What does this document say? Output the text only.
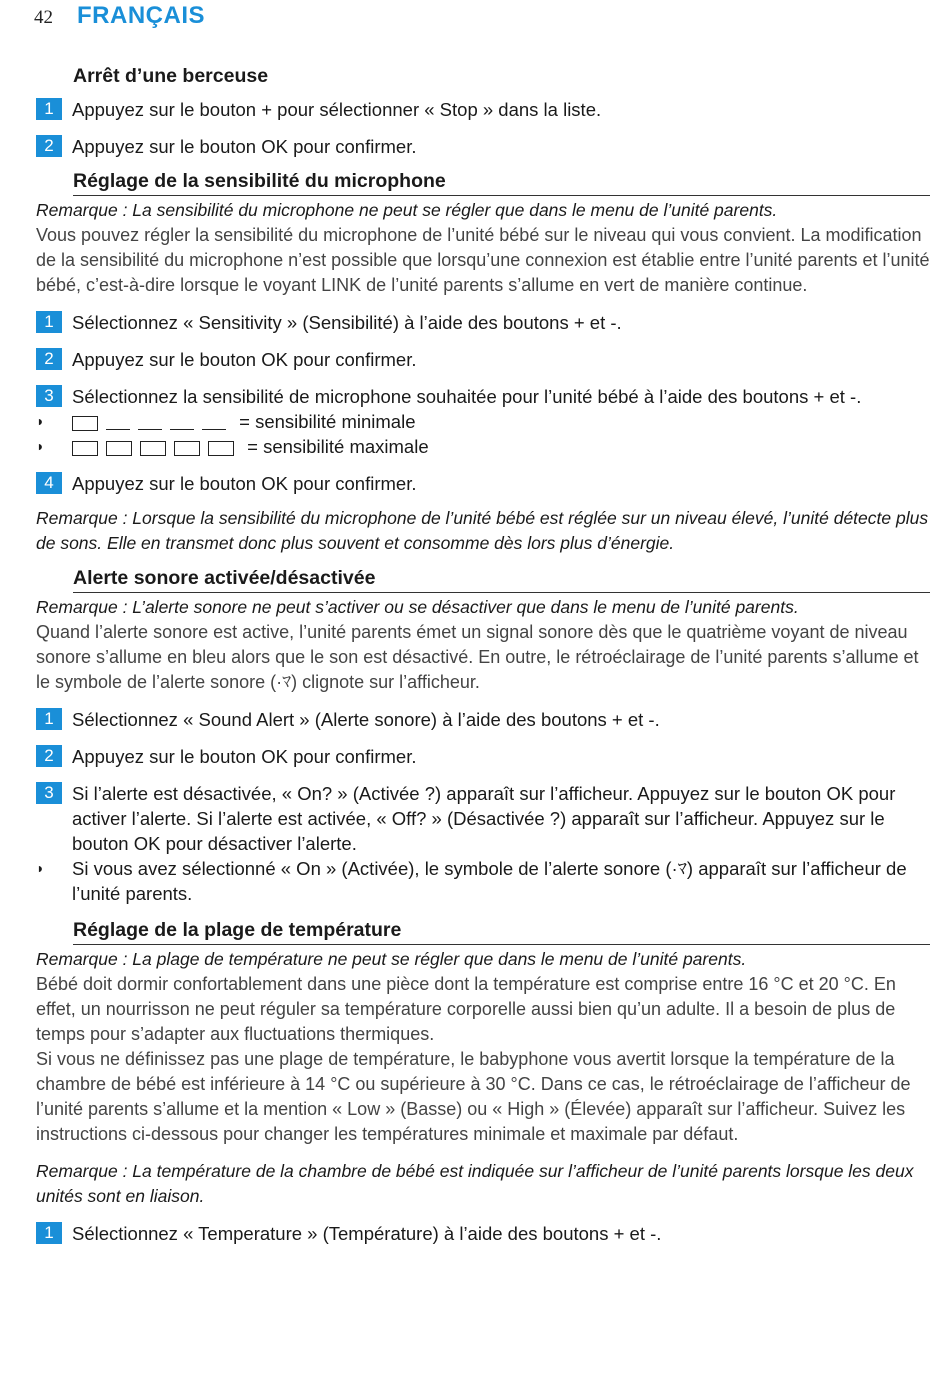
42 FRANÇAIS
Arrêt d’une berceuse
1 Appuyez sur le bouton + pour sélectionner « Stop » dans la liste.
2 Appuyez sur le bouton OK pour confirmer.
Réglage de la sensibilité du microphone

Remarque : La sensibilité du microphone ne peut se régler que dans le menu de l’unité parents.

Vous pouvez régler la sensibilité du microphone de l’unité bébé sur le niveau qui vous convient. La modification de la sensibilité du microphone n’est possible que lorsqu’une connexion est établie entre l’unité parents et l’unité bébé, c’est-à-dire lorsque le voyant LINK de l’unité parents s’allume en vert de manière continue.

1 Sélectionnez « Sensitivity » (Sensibilité) à l’aide des boutons + et -.
2 Appuyez sur le bouton OK pour confirmer.
3 Sélectionnez la sensibilité de microphone souhaitée pour l’unité bébé à l’aide des boutons + et -.
◗	= sensibilité minimale
◗	= sensibilité maximale
4 Appuyez sur le bouton OK pour confirmer.

Remarque : Lorsque la sensibilité du microphone de l’unité bébé est réglée sur un niveau élevé, l’unité détecte plus de sons. Elle en transmet donc plus souvent et consomme dès lors plus d’énergie.

Alerte sonore activée/désactivée

Remarque : L’alerte sonore ne peut s’activer ou se désactiver que dans le menu de l’unité parents.

Quand l’alerte sonore est active, l’unité parents émet un signal sonore dès que le quatrième voyant de niveau sonore s’allume en bleu alors que le son est désactivé. En outre, le rétroéclairage de l’unité parents s’allume et le symbole de l’alerte sonore (·ﾏ) clignote sur l’afficheur.

1 Sélectionnez « Sound Alert » (Alerte sonore) à l’aide des boutons + et -.
2 Appuyez sur le bouton OK pour confirmer.
3 Si l’alerte est désactivée, « On? » (Activée ?) apparaît sur l’afficheur. Appuyez sur le bouton OK pour activer l’alerte. Si l’alerte est activée, « Off? » (Désactivée ?) apparaît sur l’afficheur. Appuyez sur le bouton OK pour désactiver l’alerte.
◗	Si vous avez sélectionné « On » (Activée), le symbole de l’alerte sonore (·ﾏ) apparaît sur l’afficheur de l’unité parents.
Réglage de la plage de température

Remarque : La plage de température ne peut se régler que dans le menu de l’unité parents.

Bébé doit dormir confortablement dans une pièce dont la température est comprise entre 16 °C et 20 °C. En effet, un nourrisson ne peut réguler sa température corporelle aussi bien qu’un adulte. Il a besoin de plus de temps pour s’adapter aux fluctuations thermiques.

Si vous ne définissez pas une plage de température, le babyphone vous avertit lorsque la température de la chambre de bébé est inférieure à 14 °C ou supérieure à 30 °C. Dans ce cas, le rétroéclairage de l’afficheur de l’unité parents s’allume et la mention « Low » (Basse) ou « High » (Élevée) apparaît sur l’afficheur. Suivez les instructions ci-dessous pour changer les températures minimale et maximale par défaut.

Remarque : La température de la chambre de bébé est indiquée sur l’afficheur de l’unité parents lorsque les deux unités sont en liaison.

1 Sélectionnez « Temperature » (Température) à l’aide des boutons + et -.
